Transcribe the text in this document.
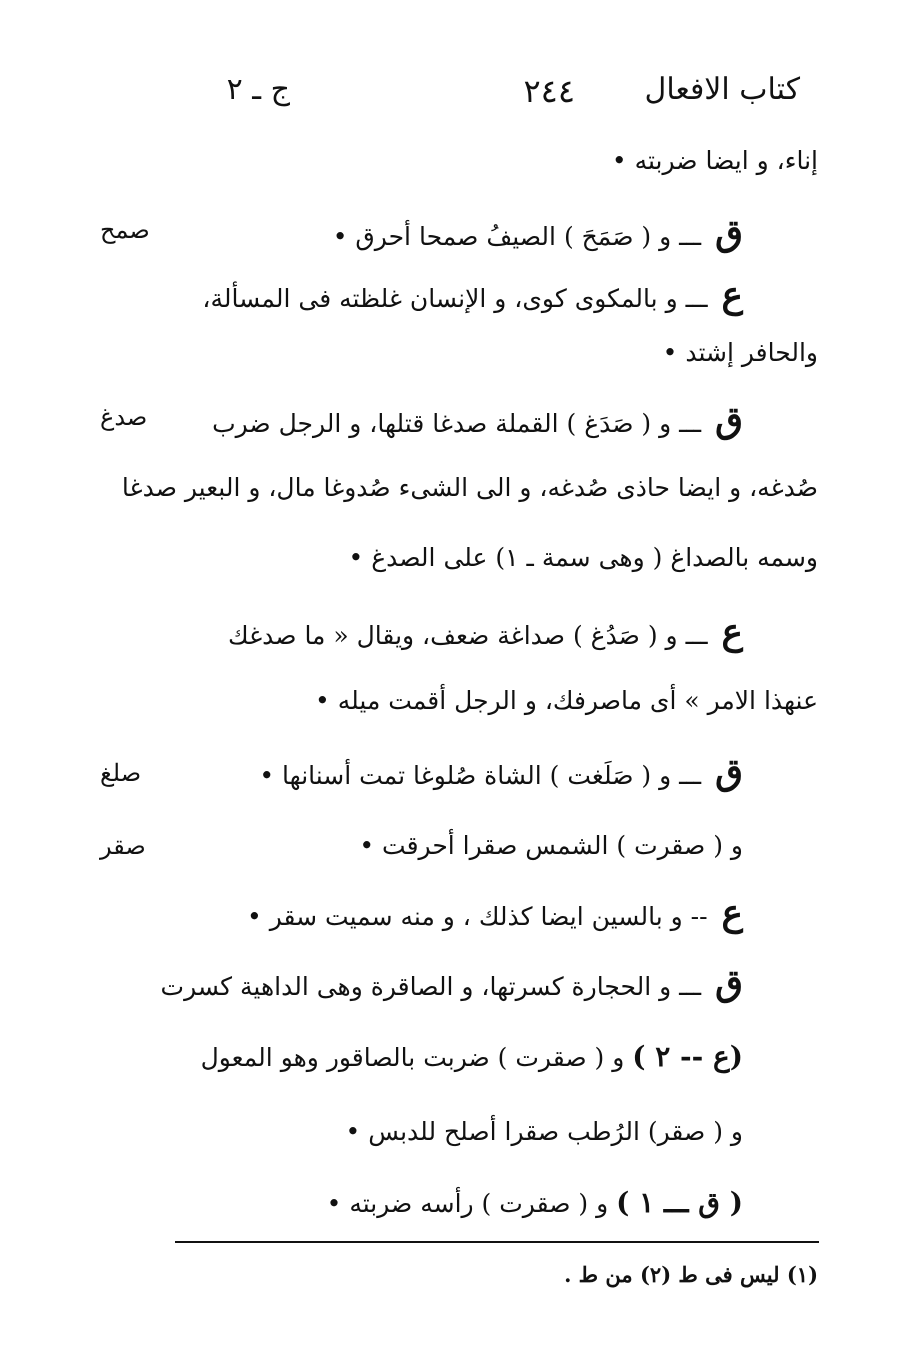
كتاب الافعال
٢٤٤
ج ـ ٢
إناء، و ايضا ضربته •
ق ـــ و ( صَمَحَ ) الصيفُ صمحا أحرق •
ع ـــ و بالمكوى كوى، و الإنسان غلظته فى المسألة،
والحافر إشتد •
ق ـــ و ( صَدَغ ) القملة صدغا قتلها، و الرجل ضرب
صُدغه، و ايضا حاذى صُدغه، و الى الشىء صُدوغا مال، و البعير صدغا
وسمه بالصداغ ( وهى سمة ـ ١) على الصدغ •
ع ـــ و ( صَدُغ ) صداغة ضعف، ويقال « ما صدغك
عنهذا الامر » أى ماصرفك، و الرجل أقمت ميله •
ق ـــ و ( صَلَغت ) الشاة صُلوغا تمت أسنانها •
و ( صقرت ) الشمس صقرا أحرقت •
ع -- و بالسين ايضا كذلك ، و منه سميت سقر •
ق ـــ و الحجارة كسرتها، و الصاقرة وهى الداهية كسرت
(ع -- ٢ ) و ( صقرت ) ضربت بالصاقور وهو المعول
و ( صقر) الرُطب صقرا أصلح للدبس •
( ق ـــ ١ ) و ( صقرت ) رأسه ضربته •
صمح
صدغ
صلغ
صقر
(١) ليس فى ط (٢) من ط .
